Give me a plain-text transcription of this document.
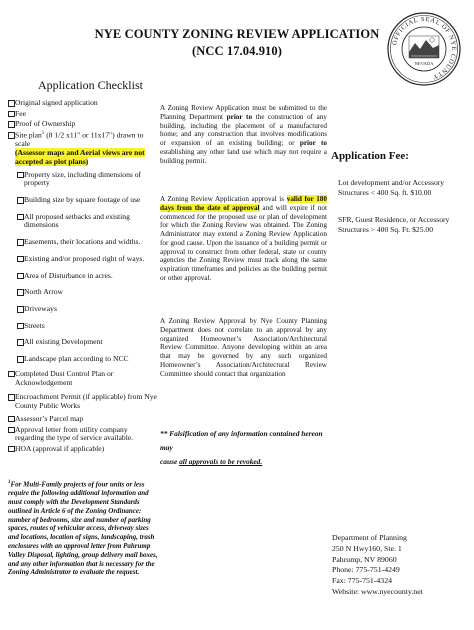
NYE COUNTY ZONING REVIEW APPLICATION
(NCC 17.04.910)
OFFICIAL SEAL OF NYE COUNTY
NEVADA
Application Checklist
Original signed application
Fee
Proof of Ownership
Site plan$^1$ (8 1/2 x11" or 11x17") drawn to scale
(Assessor maps and Aerial views are not accepted as plot plans)
Property size, including dimensions of property
Building size by square footage of use
All proposed setbacks and existing dimensions
Easements, their locations and widths.
Existing and/or proposed right of ways.
Area of Disturbance in acres.
North Arrow
Driveways
Streets
All existing Development
Landscape plan according to NCC
Completed Dust Control Plan or Acknowledgement
Encroachment Permit (if applicable) from Nye County Public Works
Assessor’s Parcel map
Approval letter from utility company regarding the type of service available.
HOA (approval if applicable)

A Zoning Review Application must be submitted to the Planning Department prior to the construction of any building, including the placement of a manufactured home; and any construction that involves modifications or expansion of an existing building; or prior to establishing any other land use which may not require a building permit.

A Zoning Review Application approval is valid for 180 days from the date of approval and will expire if not commenced for the proposed use or plan of development for which the Zoning Review was obtained. The Zoning Administrator may extend a Zoning Review Application for good cause. Upon the issuance of a building permit or approval to construct from other federal, state or county agencies the Zoning Review must track along the same expiration timeframes and policies as the building permit or other approval.

A Zoning Review Approval by Nye County Planning Department does not correlate to an approval by any organized Homeowner’s Association/Architectural Review Committee. Anyone developing within an area that may be governed by any such organized Homeowner’s Association/Architectural Review Committee should contact that organization

** Falsification of any information contained hereon may
cause all approvals to be revoked.
Application Fee:
Lot development and/or Accessory Structures < 400 Sq. ft. $10.00
SFR, Guest Residence, or Accessory Structures > 400 Sq. Ft. $25.00
$^1$For Multi-Family projects of four units or less require the following additional information and must comply with the Development Standards outlined in Article 6 of the Zoning Ordinance: number of bedrooms, size and number of parking spaces, routes of vehicular access, driveway sizes and locations, location of signs, landscaping, trash enclosures with an approval letter from Pahrump Valley Disposal, lighting, group delivery mail boxes, and any other information that is necessary for the Zoning Administrator to evaluate the request.
Department of Planning
250 N Hwy160, Ste. 1
Pahrump, NV 89060
Phone: 775-751-4249
Fax: 775-751-4324
Website: www.nyecounty.net
